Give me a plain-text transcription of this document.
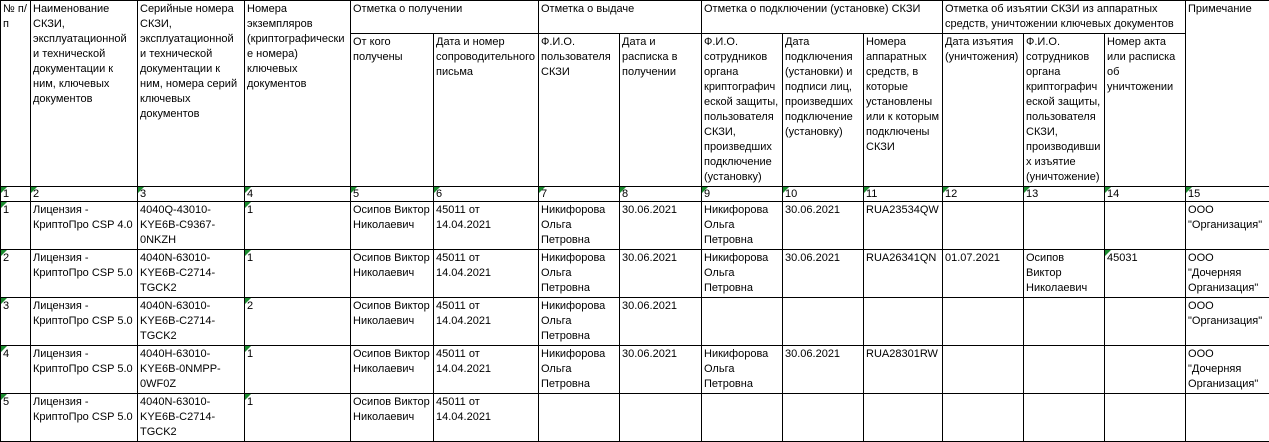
№ п/п	Наименование СКЗИ, эксплуатационной и технической документации к ним, ключевых документов	Серийные номера СКЗИ, эксплуатационной и технической документации к ним, номера серий ключевых документов	Номера экземпляров (криптографические номера) ключевых документов	Отметка о получении		Отметка о выдаче		Отметка о подключении (установке) СКЗИ			Отметка об изъятии СКЗИ из аппаратных средств, уничтожении ключевых документов			Примечание
				От кого получены	Дата и номер сопроводительного письма	Ф.И.О. пользователя СКЗИ	Дата и расписка в получении	Ф.И.О. сотрудников органа криптографической защиты, пользователя СКЗИ, произведших подключение (установку)	Дата подключения (установки) и подписи лиц, произведших подключение (установку)	Номера аппаратных средств, в которые установлены или к которым подключены СКЗИ	Дата изъятия (уничтожения)	Ф.И.О. сотрудников органа криптографической защиты, пользователя СКЗИ, производивших изъятие (уничтожение)	Номер акта или расписка об уничтожении	
1	2	3	4	5	6	7	8	9	10	11	12	13	14	15
1	Лицензия - КриптоПро CSP 4.0	4040Q-43010-KYE6B-C9367-0NKZH	1	Осипов Виктор Николаевич	45011 от 14.04.2021	Никифорова Ольга Петровна	30.06.2021	Никифорова Ольга Петровна	30.06.2021	RUA23534QW				ООО "Организация"
2	Лицензия - КриптоПро CSP 5.0	4040N-63010-KYE6B-C2714-TGCK2	1	Осипов Виктор Николаевич	45011 от 14.04.2021	Никифорова Ольга Петровна	30.06.2021	Никифорова Ольга Петровна	30.06.2021	RUA26341QN	01.07.2021	Осипов Виктор Николаевич	45031	ООО "Дочерняя Организация"
3	Лицензия - КриптоПро CSP 5.0	4040N-63010-KYE6B-C2714-TGCK2	2	Осипов Виктор Николаевич	45011 от 14.04.2021	Никифорова Ольга Петровна	30.06.2021							ООО "Организация"
4	Лицензия - КриптоПро CSP 5.0	4040H-63010-KYE6B-0NMPP-0WF0Z	1	Осипов Виктор Николаевич	45011 от 14.04.2021	Никифорова Ольга Петровна	30.06.2021	Никифорова Ольга Петровна	30.06.2021	RUA28301RW				ООО "Дочерняя Организация"
5	Лицензия - КриптоПро CSP 5.0	4040N-63010-KYE6B-C2714-TGCK2	1	Осипов Виктор Николаевич	45011 от 14.04.2021									
